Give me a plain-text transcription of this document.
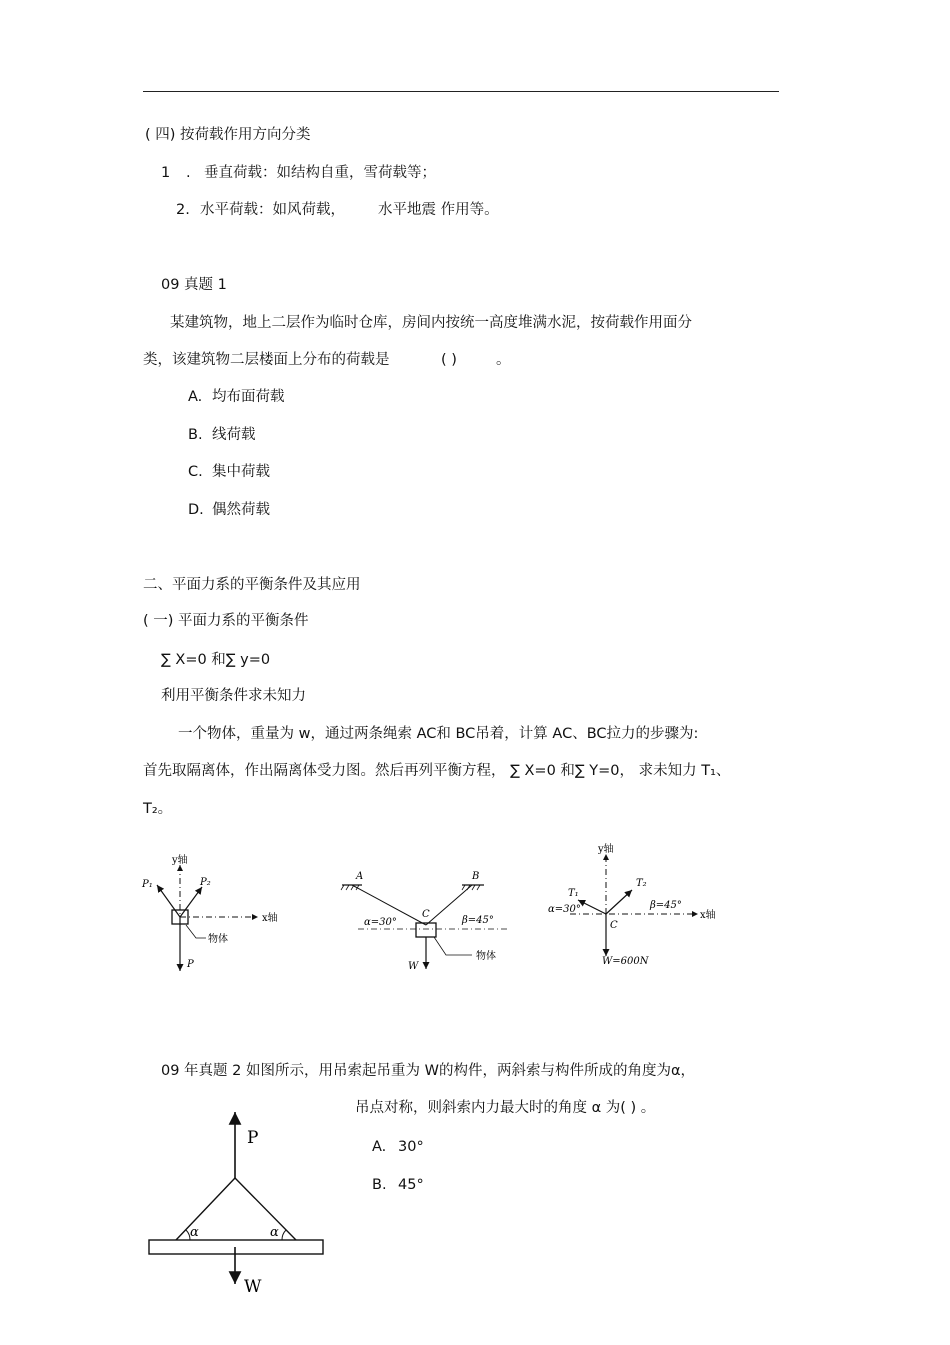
( 四) 按荷载作用方向分类
1 . 垂直荷载：如结构自重，雪荷载等；
2. 水平荷载：如风荷载， 水平地震 作用等。
09 真题 1
某建筑物，地上二层作为临时仓库，房间内按统一高度堆满水泥，按荷载作用面分
类，该建筑物二层楼面上分布的荷载是	( )	。
A. 均布面荷载
B. 线荷载
C. 集中荷载
D. 偶然荷载
二、平面力系的平衡条件及其应用
( 一) 平面力系的平衡条件
∑ X=0 和∑ y=0
利用平衡条件求未知力
一个物体，重量为 w，通过两条绳索 AC和 BC吊着，计算 AC、BC拉力的步骤为:
首先取隔离体，作出隔离体受力图。然后再列平衡方程， ∑ X=0 和∑ Y=0， 求未知力 T₁、
T₂。
y轴
x轴
P₁	P₂
P
物体
A	B
C
α=30°	β=45°
W
物体
y轴
x轴
T₁
T₂
α=30°	β=45°
C
W=600N
09 年真题 2 如图所示，用吊索起吊重为 W的构件，两斜索与构件所成的角度为α，
吊点对称，则斜索内力最大时的角度 α 为( ) 。
A. 30°
B. 45°
P
W
α	α
